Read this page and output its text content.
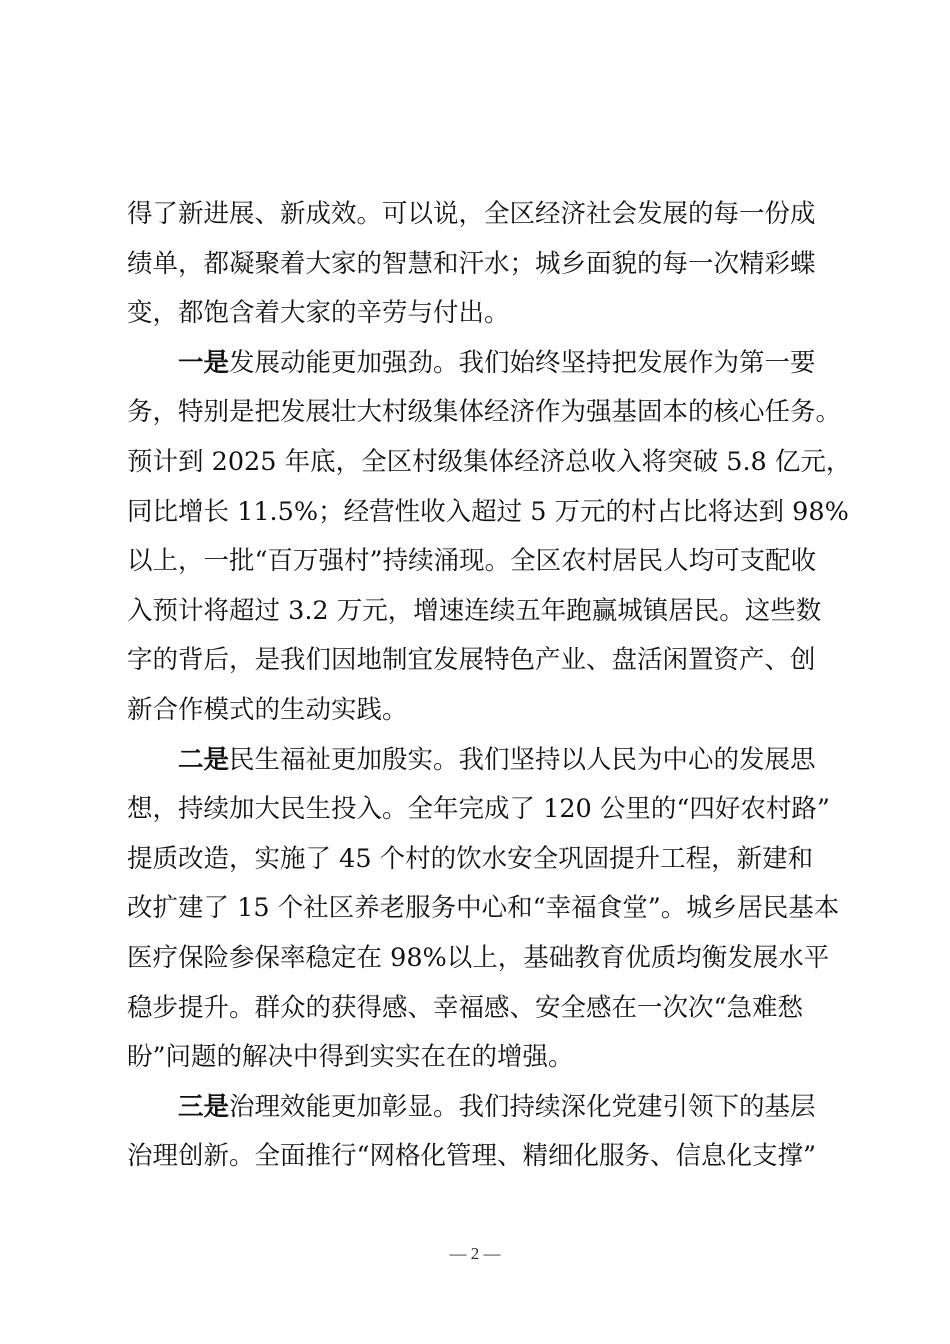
得了新进展、新成效。可以说，全区经济社会发展的每一份成
绩单，都凝聚着大家的智慧和汗水；城乡面貌的每一次精彩蝶
变，都饱含着大家的辛劳与付出。
一是发展动能更加强劲。我们始终坚持把发展作为第一要
务，特别是把发展壮大村级集体经济作为强基固本的核心任务。
预计到 2025 年底，全区村级集体经济总收入将突破 5.8 亿元，
同比增长 11.5%；经营性收入超过 5 万元的村占比将达到 98%
以上，一批“百万强村”持续涌现。全区农村居民人均可支配收
入预计将超过 3.2 万元，增速连续五年跑赢城镇居民。这些数
字的背后，是我们因地制宜发展特色产业、盘活闲置资产、创
新合作模式的生动实践。
二是民生福祉更加殷实。我们坚持以人民为中心的发展思
想，持续加大民生投入。全年完成了 120 公里的“四好农村路”
提质改造，实施了 45 个村的饮水安全巩固提升工程，新建和
改扩建了 15 个社区养老服务中心和“幸福食堂”。城乡居民基本
医疗保险参保率稳定在 98%以上，基础教育优质均衡发展水平
稳步提升。群众的获得感、幸福感、安全感在一次次“急难愁
盼”问题的解决中得到实实在在的增强。
三是治理效能更加彰显。我们持续深化党建引领下的基层
治理创新。全面推行“网格化管理、精细化服务、信息化支撑”
— 2 —
